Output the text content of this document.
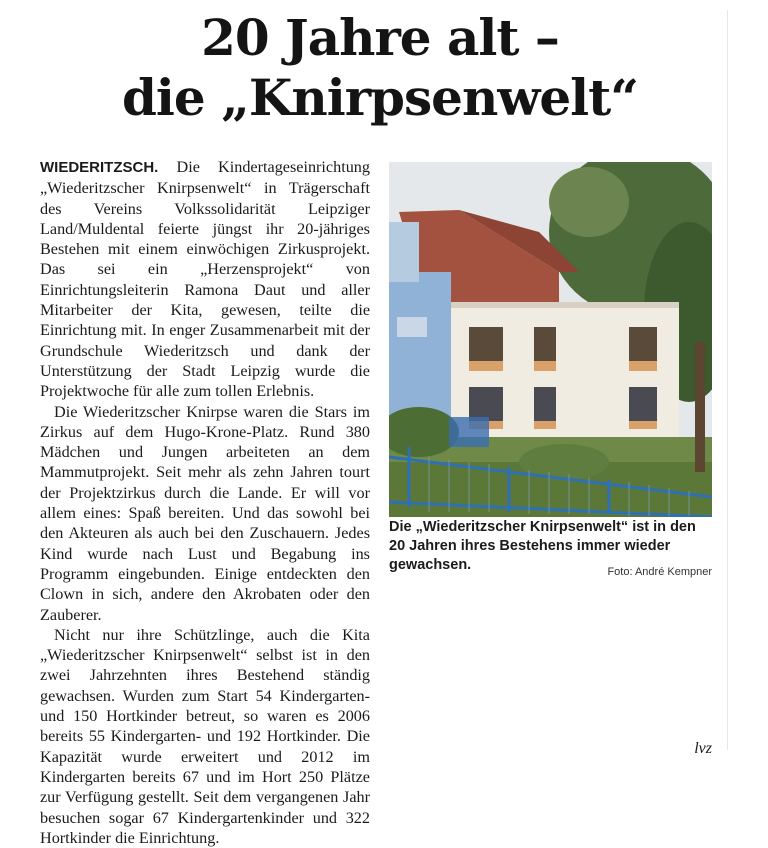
20 Jahre alt –
die „Knirpsenwelt“

WIEDERITZSCH. Die Kindertageseinrichtung „Wiederitzscher Knirpsenwelt“ in Trägerschaft des Vereins Volkssolidarität Leipziger Land/Muldental feierte jüngst ihr 20-jähriges Bestehen mit einem einwöchigen Zirkusprojekt. Das sei ein „Herzensprojekt“ von Einrichtungsleiterin Ramona Daut und aller Mitarbeiter der Kita, gewesen, teilte die Einrichtung mit. In enger Zusammenarbeit mit der Grundschule Wiederitzsch und dank der Unterstützung der Stadt Leipzig wurde die Projektwoche für alle zum tollen Erlebnis.

Die Wiederitzscher Knirpse waren die Stars im Zirkus auf dem Hugo-Krone-Platz. Rund 380 Mädchen und Jungen arbeiteten an dem Mammutprojekt. Seit mehr als zehn Jahren tourt der Projektzirkus durch die Lande. Er will vor allem eines: Spaß bereiten. Und das sowohl bei den Akteuren als auch bei den Zuschauern. Jedes Kind wurde nach Lust und Begabung ins Programm eingebunden. Einige entdeckten den Clown in sich, andere den Akrobaten oder den Zauberer.

Nicht nur ihre Schützlinge, auch die Kita „Wiederitzscher Knirpsenwelt“ selbst ist in den zwei Jahrzehnten ihres Bestehend ständig gewachsen. Wurden zum Start 54 Kindergarten- und 150 Hortkinder betreut, so waren es 2006 bereits 55 Kindergarten- und 192 Hortkinder. Die Kapazität wurde erweitert und 2012 im Kindergarten bereits 67 und im Hort 250 Plätze zur Verfügung gestellt. Seit dem vergangenen Jahr besuchen sogar 67 Kindergartenkinder und 322 Hortkinder die Einrichtung.

Die „Wiederitzscher Knirpsenwelt“ ist in den 20 Jahren ihres Bestehens immer wieder gewachsen.	Foto: André Kempner
lvz
